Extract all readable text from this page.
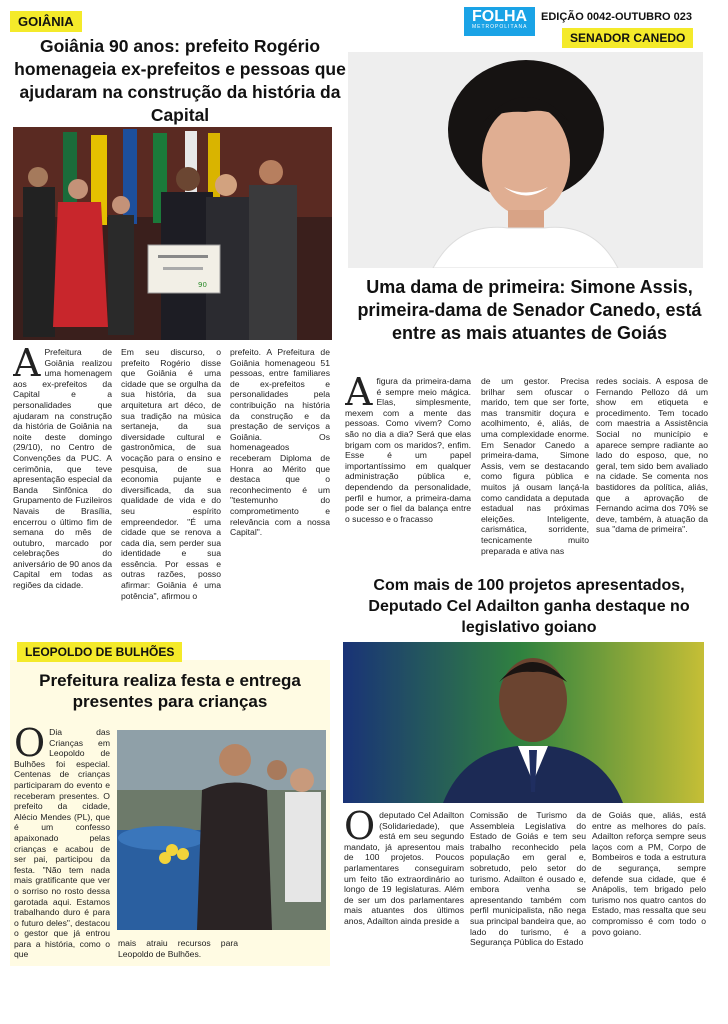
GOIÂNIA	FOLHA
METROPOLITANA
EDIÇÃO 0042-OUTUBRO 023
SENADOR CANEDO
Goiânia 90 anos: prefeito Rogério homenageia ex-prefeitos e pessoas que ajudaram na construção da história da Capital
90
A Prefeitura de Goiânia realizou uma homenagem aos ex-prefeitos da Capital e a personalidades que ajudaram na construção da história de Goiânia na noite deste domingo (29/10), no Centro de Convenções da PUC. A cerimônia, que teve apresentação especial da Banda Sinfônica do Grupamento de Fuzileiros Navais de Brasília, encerrou o último fim de semana do mês de outubro, marcado por celebrações do aniversário de 90 anos da Capital em todas as regiões da cidade.
Em seu discurso, o prefeito Rogério disse que Goiânia é uma cidade que se orgulha da sua história, da sua arquitetura art déco, de sua tradição na música sertaneja, da sua diversidade cultural e gastronômica, de sua vocação para o ensino e pesquisa, de sua economia pujante e diversificada, da sua qualidade de vida e do seu espírito empreendedor. "É uma cidade que se renova a cada dia, sem perder sua identidade e sua essência. Por essas e outras razões, posso afirmar: Goiânia é uma potência", afirmou o
prefeito. A Prefeitura de Goiânia homenageou 51 pessoas, entre familiares de ex-prefeitos e personalidades pela contribuição na história da construção e da prestação de serviços a Goiânia. Os homenageados receberam Diploma de Honra ao Mérito que destaca que o reconhecimento é um "testemunho do comprometimento e relevância com a nossa Capital".
Uma dama de primeira: Simone Assis, primeira-dama de Senador Canedo, está entre as mais atuantes de Goiás
Afigura da primeira-dama é sempre meio mágica. Elas, simplesmente, mexem com a mente das pessoas. Como vivem? Como são no dia a dia? Será que elas brigam com os maridos?, enfim. Esse é um papel importantíssimo em qualquer administração pública e, dependendo da personalidade, perfil e humor, a primeira-dama pode ser o fiel da balança entre o sucesso e o fracasso
de um gestor. Precisa brilhar sem ofuscar o marido, tem que ser forte, mas transmitir doçura e acolhimento, é, aliás, de uma complexidade enorme. Em Senador Canedo a primeira-dama, Simone Assis, vem se destacando como figura pública e muitos já ousam lançá-la como candidata a deputada estadual nas próximas eleições. Inteligente, carismática, sorridente, tecnicamente muito preparada e ativa nas
redes sociais. A esposa de Fernando Pellozo dá um show em etiqueta e procedimento. Tem tocado com maestria a Assistência Social no município e aparece sempre radiante ao lado do esposo, que, no geral, tem sido bem avaliado na cidade. Se comenta nos bastidores da política, aliás, que a aprovação de Fernando acima dos 70% se deve, também, à atuação da sua "dama de primeira".
Com mais de 100 projetos apresentados, Deputado Cel Adailton ganha destaque no legislativo goiano
Odeputado Cel Adailton (Solidariedade), que está em seu segundo mandato, já apresentou mais de 100 projetos. Poucos parlamentares conseguiram um feito tão extraordinário ao longo de 19 legislaturas. Além de ser um dos parlamentares mais atuantes dos últimos anos, Adailton ainda preside a
Comissão de Turismo da Assembleia Legislativa do Estado de Goiás e tem seu trabalho reconhecido pela população em geral e, sobretudo, pelo setor do turismo. Adailton é ousado e, embora venha se apresentando também com perfil municipalista, não nega sua principal bandeira que, ao lado do turismo, é a Segurança Pública do Estado
de Goiás que, aliás, está entre as melhores do país. Adailton reforça sempre seus laços com a PM, Corpo de Bombeiros e toda a estrutura de segurança, sempre defende sua cidade, que é Anápolis, tem brigado pelo turismo nos quatro cantos do Estado, mas ressalta que seu compromisso é com todo o povo goiano.
LEOPOLDO DE BULHÕES
Prefeitura realiza festa e entrega presentes para crianças
O Dia das Crianças em Leopoldo de Bulhões foi especial. Centenas de crianças participaram do evento e receberam presentes. O prefeito da cidade, Alécio Mendes (PL), que é um confesso apaixonado pelas crianças e acabou de ser pai, participou da festa. "Não tem nada mais gratificante que ver o sorriso no rosto dessa garotada aqui. Estamos trabalhando duro é para o futuro deles", destacou o gestor que já entrou para a história, como o que
mais atraiu recursos para Leopoldo de Bulhões.
